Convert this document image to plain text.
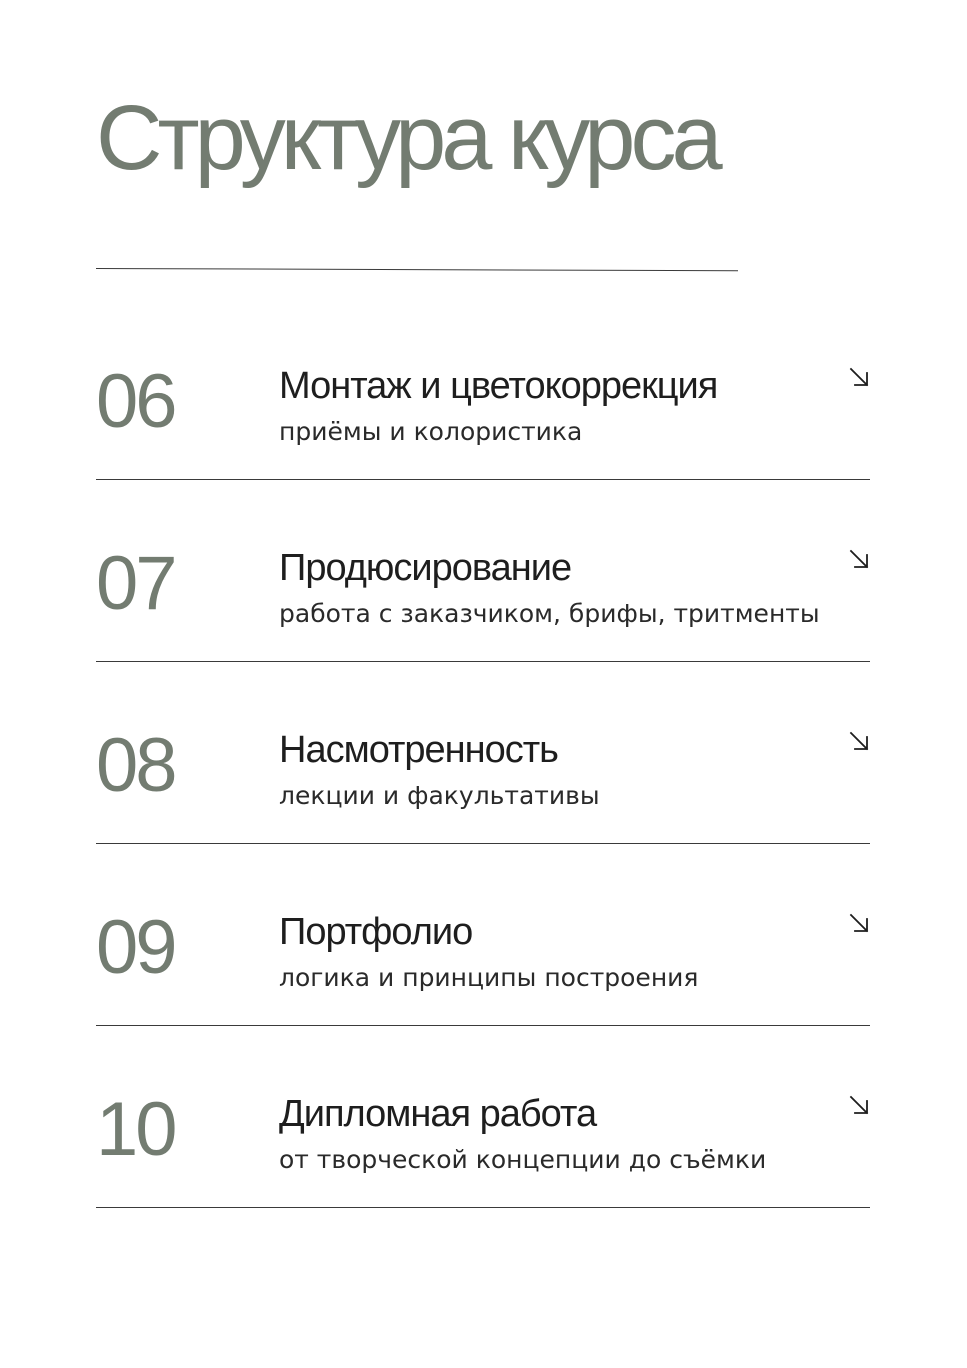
Структура курса
06	Монтаж и цветокоррекция
приёмы и колористика
07	Продюсирование
работа с заказчиком, брифы, тритменты
08	Насмотренность
лекции и факультативы
09	Портфолио
логика и принципы построения
10	Дипломная работа
от творческой концепции до съёмки
